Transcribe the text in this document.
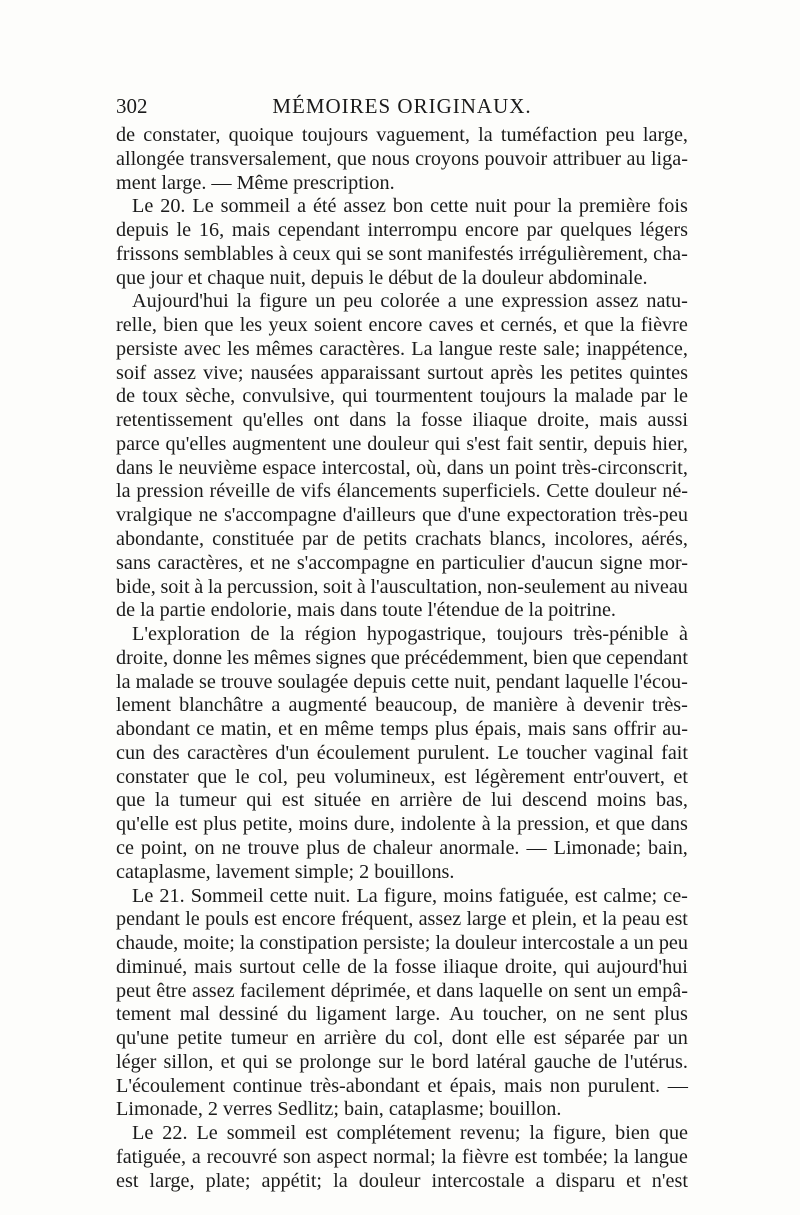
302	MÉMOIRES ORIGINAUX.
de constater, quoique toujours vaguement, la tuméfaction peu large,
allongée transversalement, que nous croyons pouvoir attribuer au liga-
ment large. — Même prescription.
Le 20. Le sommeil a été assez bon cette nuit pour la première fois
depuis le 16, mais cependant interrompu encore par quelques légers
frissons semblables à ceux qui se sont manifestés irrégulièrement, cha-
que jour et chaque nuit, depuis le début de la douleur abdominale.
Aujourd'hui la figure un peu colorée a une expression assez natu-
relle, bien que les yeux soient encore caves et cernés, et que la fièvre
persiste avec les mêmes caractères. La langue reste sale; inappétence,
soif assez vive; nausées apparaissant surtout après les petites quintes
de toux sèche, convulsive, qui tourmentent toujours la malade par le
retentissement qu'elles ont dans la fosse iliaque droite, mais aussi
parce qu'elles augmentent une douleur qui s'est fait sentir, depuis hier,
dans le neuvième espace intercostal, où, dans un point très-circonscrit,
la pression réveille de vifs élancements superficiels. Cette douleur né-
vralgique ne s'accompagne d'ailleurs que d'une expectoration très-peu
abondante, constituée par de petits crachats blancs, incolores, aérés,
sans caractères, et ne s'accompagne en particulier d'aucun signe mor-
bide, soit à la percussion, soit à l'auscultation, non-seulement au niveau
de la partie endolorie, mais dans toute l'étendue de la poitrine.
L'exploration de la région hypogastrique, toujours très-pénible à
droite, donne les mêmes signes que précédemment, bien que cependant
la malade se trouve soulagée depuis cette nuit, pendant laquelle l'écou-
lement blanchâtre a augmenté beaucoup, de manière à devenir très-
abondant ce matin, et en même temps plus épais, mais sans offrir au-
cun des caractères d'un écoulement purulent. Le toucher vaginal fait
constater que le col, peu volumineux, est légèrement entr'ouvert, et
que la tumeur qui est située en arrière de lui descend moins bas,
qu'elle est plus petite, moins dure, indolente à la pression, et que dans
ce point, on ne trouve plus de chaleur anormale. — Limonade; bain,
cataplasme, lavement simple; 2 bouillons.
Le 21. Sommeil cette nuit. La figure, moins fatiguée, est calme; ce-
pendant le pouls est encore fréquent, assez large et plein, et la peau est
chaude, moite; la constipation persiste; la douleur intercostale a un peu
diminué, mais surtout celle de la fosse iliaque droite, qui aujourd'hui
peut être assez facilement déprimée, et dans laquelle on sent un empâ-
tement mal dessiné du ligament large. Au toucher, on ne sent plus
qu'une petite tumeur en arrière du col, dont elle est séparée par un
léger sillon, et qui se prolonge sur le bord latéral gauche de l'utérus.
L'écoulement continue très-abondant et épais, mais non purulent. —
Limonade, 2 verres Sedlitz; bain, cataplasme; bouillon.
Le 22. Le sommeil est complétement revenu; la figure, bien que
fatiguée, a recouvré son aspect normal; la fièvre est tombée; la langue
est large, plate; appétit; la douleur intercostale a disparu et n'est
